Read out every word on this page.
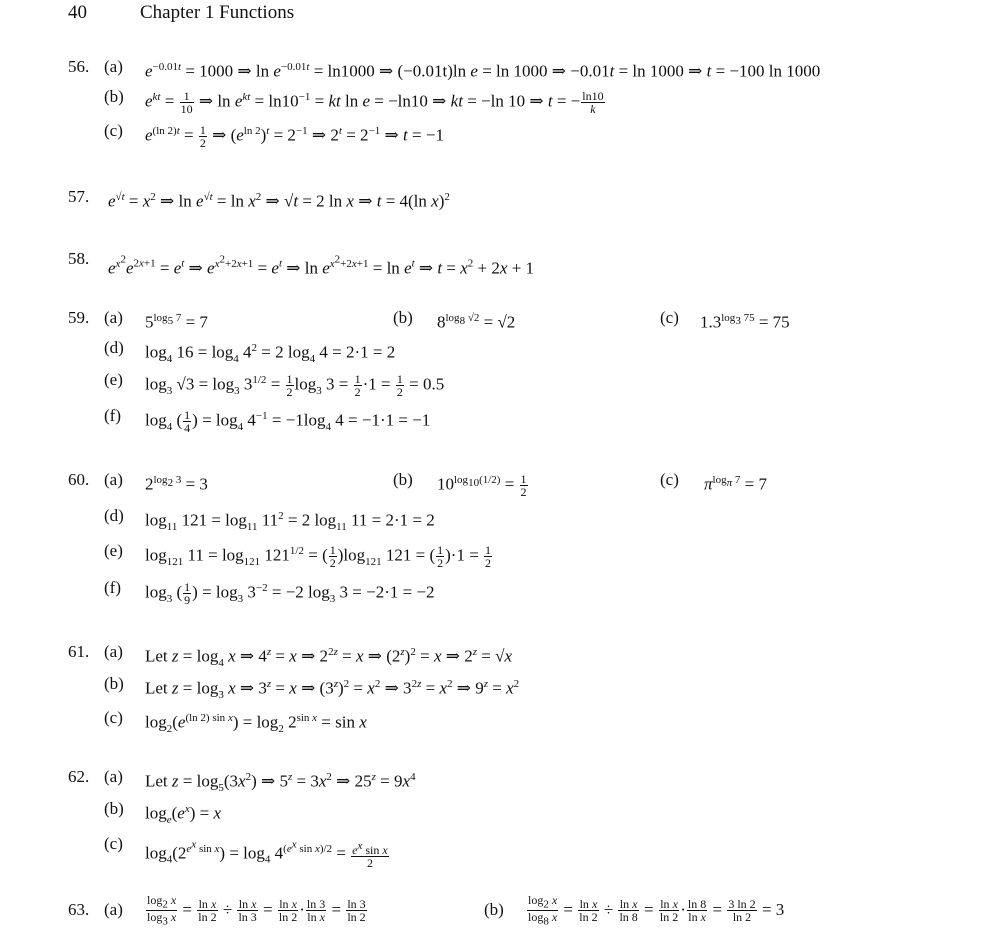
40	Chapter 1 Functions
56. (a) $e^{-0.01t} = 1000$ ⇒ $\ln e^{-0.01t} = \ln 1000$ ⇒ (−0.01t)ln e = ln 1000 ⇒ −0.01t = ln 1000 ⇒ t = −100 ln 1000
(b) $e^{kt} = \frac{1}{10}$ ⇒ $\ln e^{kt} = \ln 10^{-1}$ = kt ln e = −ln10 ⇒ kt = −ln 10 ⇒ t = − $\frac{\ln 10}{k}$
(c) $e^{(ln 2)t} = \frac{1}{2}$ ⇒ $(e^{ln 2})^t = 2^{-1}$ ⇒ $2^t = 2^{-1}$ ⇒ t = −1
57. $e^{√t} = x^2$ ⇒ $\ln e^{√t} = \ln x^2$ ⇒ √t = 2 ln x ⇒ t = 4(ln x)$^2$
58. $e^{x^2}e^{2x+1} = e^t$ ⇒ $e^{x^2+2x+1} = e^t$ ⇒ $\ln e^{x^2+2x+1} = \ln e^t$ ⇒ $t = x^2 + 2x + 1$
59. (a) $5^{log_5 7} = 7$	(b) $8^{log_8 √2} = √2$	(c) $1.3^{log_3 75} = 75$
(d) $\log_4 16 = \log_4 4^2 = 2$ $\log_4 4 = 2\cdot 1 = 2$
(e) $\log_3 √3 = \log_3 3^{1/2} = \frac{1}{2} \log_3 3 = \frac{1}{2} \cdot 1 = \frac{1}{2} = 0.5$
(f) $\log_4$ ( $\frac{1}{4}$ ) = $\log_4 4^{-1} = -1\log_4$ 4 = −1·1 = −1
60. (a) $2^{log_2 3} = 3$	(b) $10^{log_{10}(1/2)} = \frac{1}{2}$	(c) $\pi^{log_\pi 7} = 7$
(d) $\log_{11} 121 = \log_{11} 11^2 = 2$ $\log_{11} 11 = 2\cdot 1 = 2$
(e) $\log_{121} 11 = \log_{121} 121^{1/2}$ = ( $\frac{1}{2} )\log_{121}$ 121 = ( $\frac{1}{2} )\cdot 1 = \frac{1}{2}$
(f) $\log_3$ ( $\frac{1}{9}$ ) = $\log_3 3^{-2} = -2$ $\log_3 3 = -2\cdot 1 = -2$
61. (a) Let $z = \log_4 x$ ⇒ $4^z = x$ ⇒ $2^{2z} = x$ ⇒ $(2^z)^2 = x$ ⇒ $2^z = √x$
(b) Let $z = \log_3 x$ ⇒ $3^z = x$ ⇒ $(3^z)^2 = x^2$ ⇒ $3^{2z} = x^2$ ⇒ $9^z = x^2$
(c) $\log_2(e^{(ln 2) sin x}) = \log_2 2^{sin x} = \sin x$
62. (a) Let $z = \log_5(3x^2)$ ⇒ $5^z = 3x^2$ ⇒ $25^z = 9x^4$
(b) $\log_e(e^x) = x$
(c) $\log_4(2^{e^x sin x}) = \log_4 4^{(e^x sin x)/2} = \frac{e^x \sin x}{2}$
63. $(a) \frac{\log_2 x}{\log_3 x} = \frac{\text{ln x}}{\ln 2} \div \frac{\text{ln x}}{\ln 3} = \frac{\text{ln x}}{\ln 2} \cdot \frac{\ln 3}{\text{ln x}} = \frac{\ln 3}{\ln 2}$	$(b) \frac{\log_2 x}{\log_8 x} = \frac{\text{ln x}}{\ln 2} \div \frac{\text{ln x}}{\ln 8} = \frac{\text{ln x}}{\ln 2} \cdot \frac{\ln 8}{\text{ln x}} = \frac{3 \ln 2}{\ln 2} = 3$
